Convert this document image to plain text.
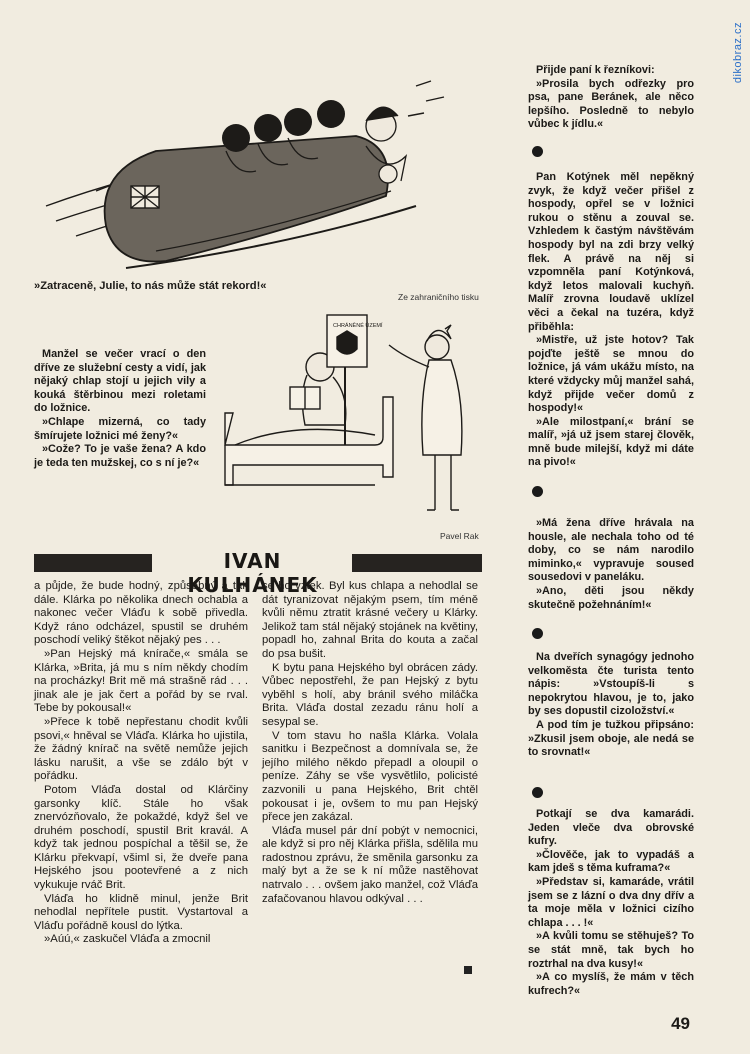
dikobraz.cz
»Zatraceně, Julie, to nás může stát rekord!«
Ze zahraničního tisku

Manžel se večer vrací o den dříve ze služební cesty a vidí, jak nějaký chlap stojí u jejich vily a kouká štěrbinou mezi roletami do ložnice.

»Chlape mizerná, co tady šmírujete ložnici mé ženy?«

»Cože? To je vaše žena? A kdo je teda ten mužskej, co s ní je?«

CHRÁNĚNÉ ÚZEMÍ
Pavel Rak
IVAN KULHÁNEK

a půjde, že bude hodný, způsobný a tak dále. Klárka po několika dnech ochabla a nakonec večer Vláďu k sobě přivedla. Když ráno odcházel, spustil se druhém poschodí veliký štěkot nějaký pes . . .

»Pan Hejský má kníračе,« smála se Klárka, »Brita, já mu s ním někdy chodím na procházky! Brit mě má strašně rád . . . jinak ale je jak čert a pořád by se rval. Tebe by pokousal!«

»Přece k tobě nepřestanu chodit kvůli psovi,« hněval se Vláďa. Klárka ho ujistila, že žádný knírač na světě nemůže jejich lásku narušit, a vše se zdálo být v pořádku.

Potom Vláďa dostal od Klárčiny garsonky klíč. Stále ho však znervózňovalo, že pokaždé, když šel ve druhém poschodí, spustil Brit kravál. A když tak jednou pospíchal a těšil se, že Klárku překvapí, všiml si, že dveře pana Hejského jsou pootevřené a z nich vykukuje rváč Brit.

Vláďa ho klidně minul, jenže Brit nehodlal nepřítele pustit. Vystartoval a Vláďu pořádně kousl do lýtka.

»Aúú,« zaskučel Vláďa a zmocnil

se ho vztek. Byl kus chlapa a nehodlal se dát tyranizovat nějakým psem, tím méně kvůli němu ztratit krásné večery u Klárky. Jelikož tam stál nějaký stojánek na květiny, popadl ho, zahnal Brita do kouta a začal do psa bušit.

K bytu pana Hejského byl obrácen zády. Vůbec nepostřehl, že pan Hejský z bytu vyběhl s holí, aby bránil svého miláčka Brita. Vláďa dostal zezadu ránu holí a sesypal se.

V tom stavu ho našla Klárka. Volala sanitku i Bezpečnost a domnívala se, že jejího milého někdo přepadl a oloupil o peníze. Záhy se vše vysvětlilo, policisté zazvonili u pana Hejského, Brit chtěl pokousat i je, ovšem to mu pan Hejský přece jen zakázal.

Vláďa musel pár dní pobýt v nemocnici, ale když si pro něj Klárka přišla, sdělila mu radostnou zprávu, že směnila garsonku za malý byt a že se k ní může nastěhovat natrvalo . . . ovšem jako manžel, což Vláďa zafačovanou hlavou odkýval . . .

Přijde paní k řezníkovi:

»Prosila bych odřezky pro psa, pane Beránek, ale něco lepšího. Posledně to nebylo vůbec k jídlu.«

Pan Kotýnek měl nepěkný zvyk, že když večer přišel z hospody, opřel se v ložnici rukou o stěnu a zouval se. Vzhledem k častým návštěvám hospody byl na zdi brzy velký flek. A právě na něj si vzpomněla paní Kotýnková, když letos malovali kuchyň. Malíř zrovna loudavě uklízel věci a čekal na tuzéra, když přiběhla:

»Mistře, už jste hotov? Tak pojďte ještě se mnou do ložnice, já vám ukážu místo, na které vždycky můj manžel sahá, když přijde večer domů z hospody!«

»Ale milostpaní,« brání se malíř, »já už jsem starej člověk, mně bude milejší, když mi dáte na pivo!«

»Má žena dříve hrávala na housle, ale nechala toho od té doby, co se nám narodilo miminko,« vypravuje soused sousedovi v paneláku.

»Ano, děti jsou někdy skutečně požehnáním!«

Na dveřích synagógy jednoho velkoměsta čte turista tento nápis: »Vstoupíš-li s nepokrytou hlavou, je to, jako by ses dopustil cizoložství.«

A pod tím je tužkou připsáno: »Zkusil jsem oboje, ale nedá se to srovnat!«

Potkají se dva kamarádi. Jeden vleče dva obrovské kufry.

»Člověče, jak to vypadáš a kam jdeš s těma kuframa?«

»Představ si, kamaráde, vrátil jsem se z lázní o dva dny dřív a ta moje měla v ložnici cizího chlapa . . . !«

»A kvůli tomu se stěhuješ? To se stát mně, tak bych ho roztrhal na dva kusy!«

»A co myslíš, že mám v těch kufrech?«

49
